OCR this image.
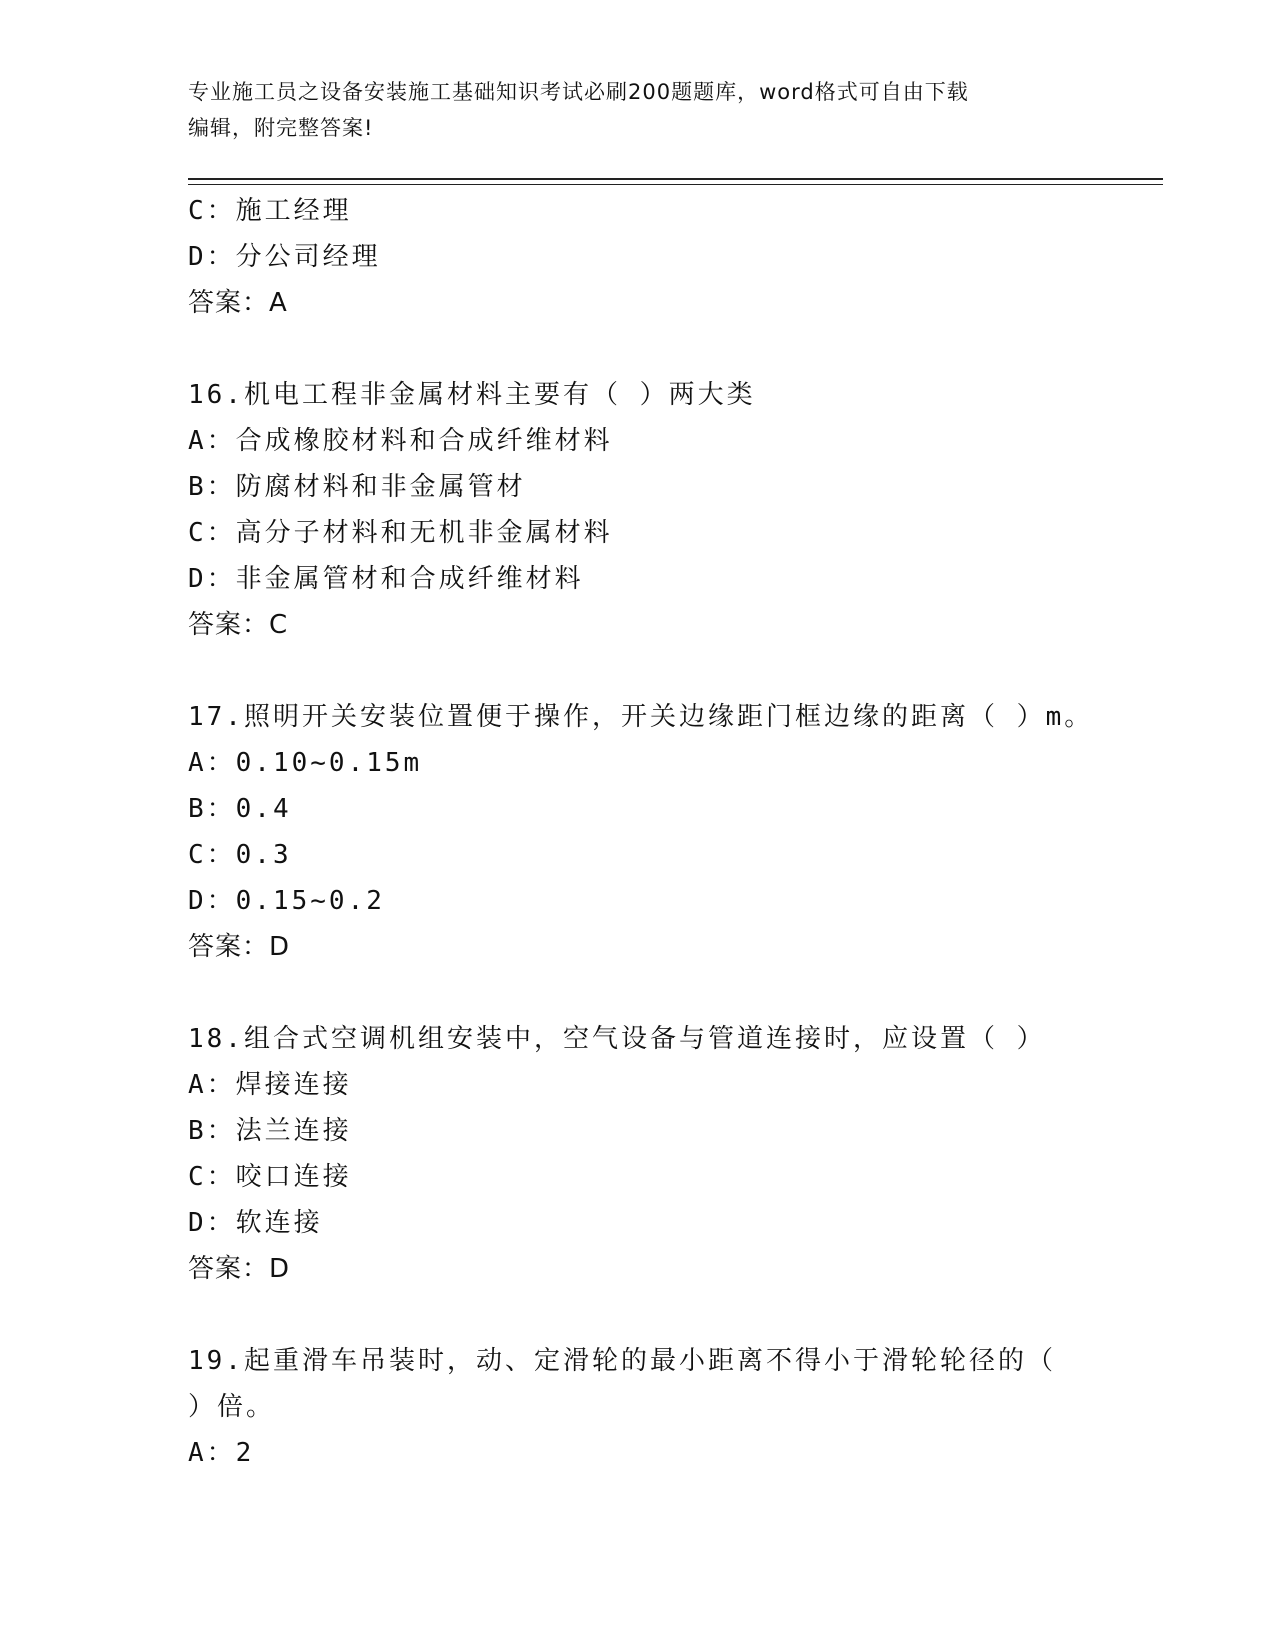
专业施工员之设备安装施工基础知识考试必刷200题题库，word格式可自由下载
编辑，附完整答案!
C：施工经理
D：分公司经理
答案：A
16.机电工程非金属材料主要有（ ）两大类
A：合成橡胶材料和合成纤维材料
B：防腐材料和非金属管材
C：高分子材料和无机非金属材料
D：非金属管材和合成纤维材料
答案：C
17.照明开关安装位置便于操作，开关边缘距门框边缘的距离（ ）m。
A：0.10~0.15m
B：0.4
C：0.3
D：0.15~0.2
答案：D
18.组合式空调机组安装中，空气设备与管道连接时，应设置（ ）
A：焊接连接
B：法兰连接
C：咬口连接
D：软连接
答案：D
19.起重滑车吊装时，动、定滑轮的最小距离不得小于滑轮轮径的（
）倍。
A：2
